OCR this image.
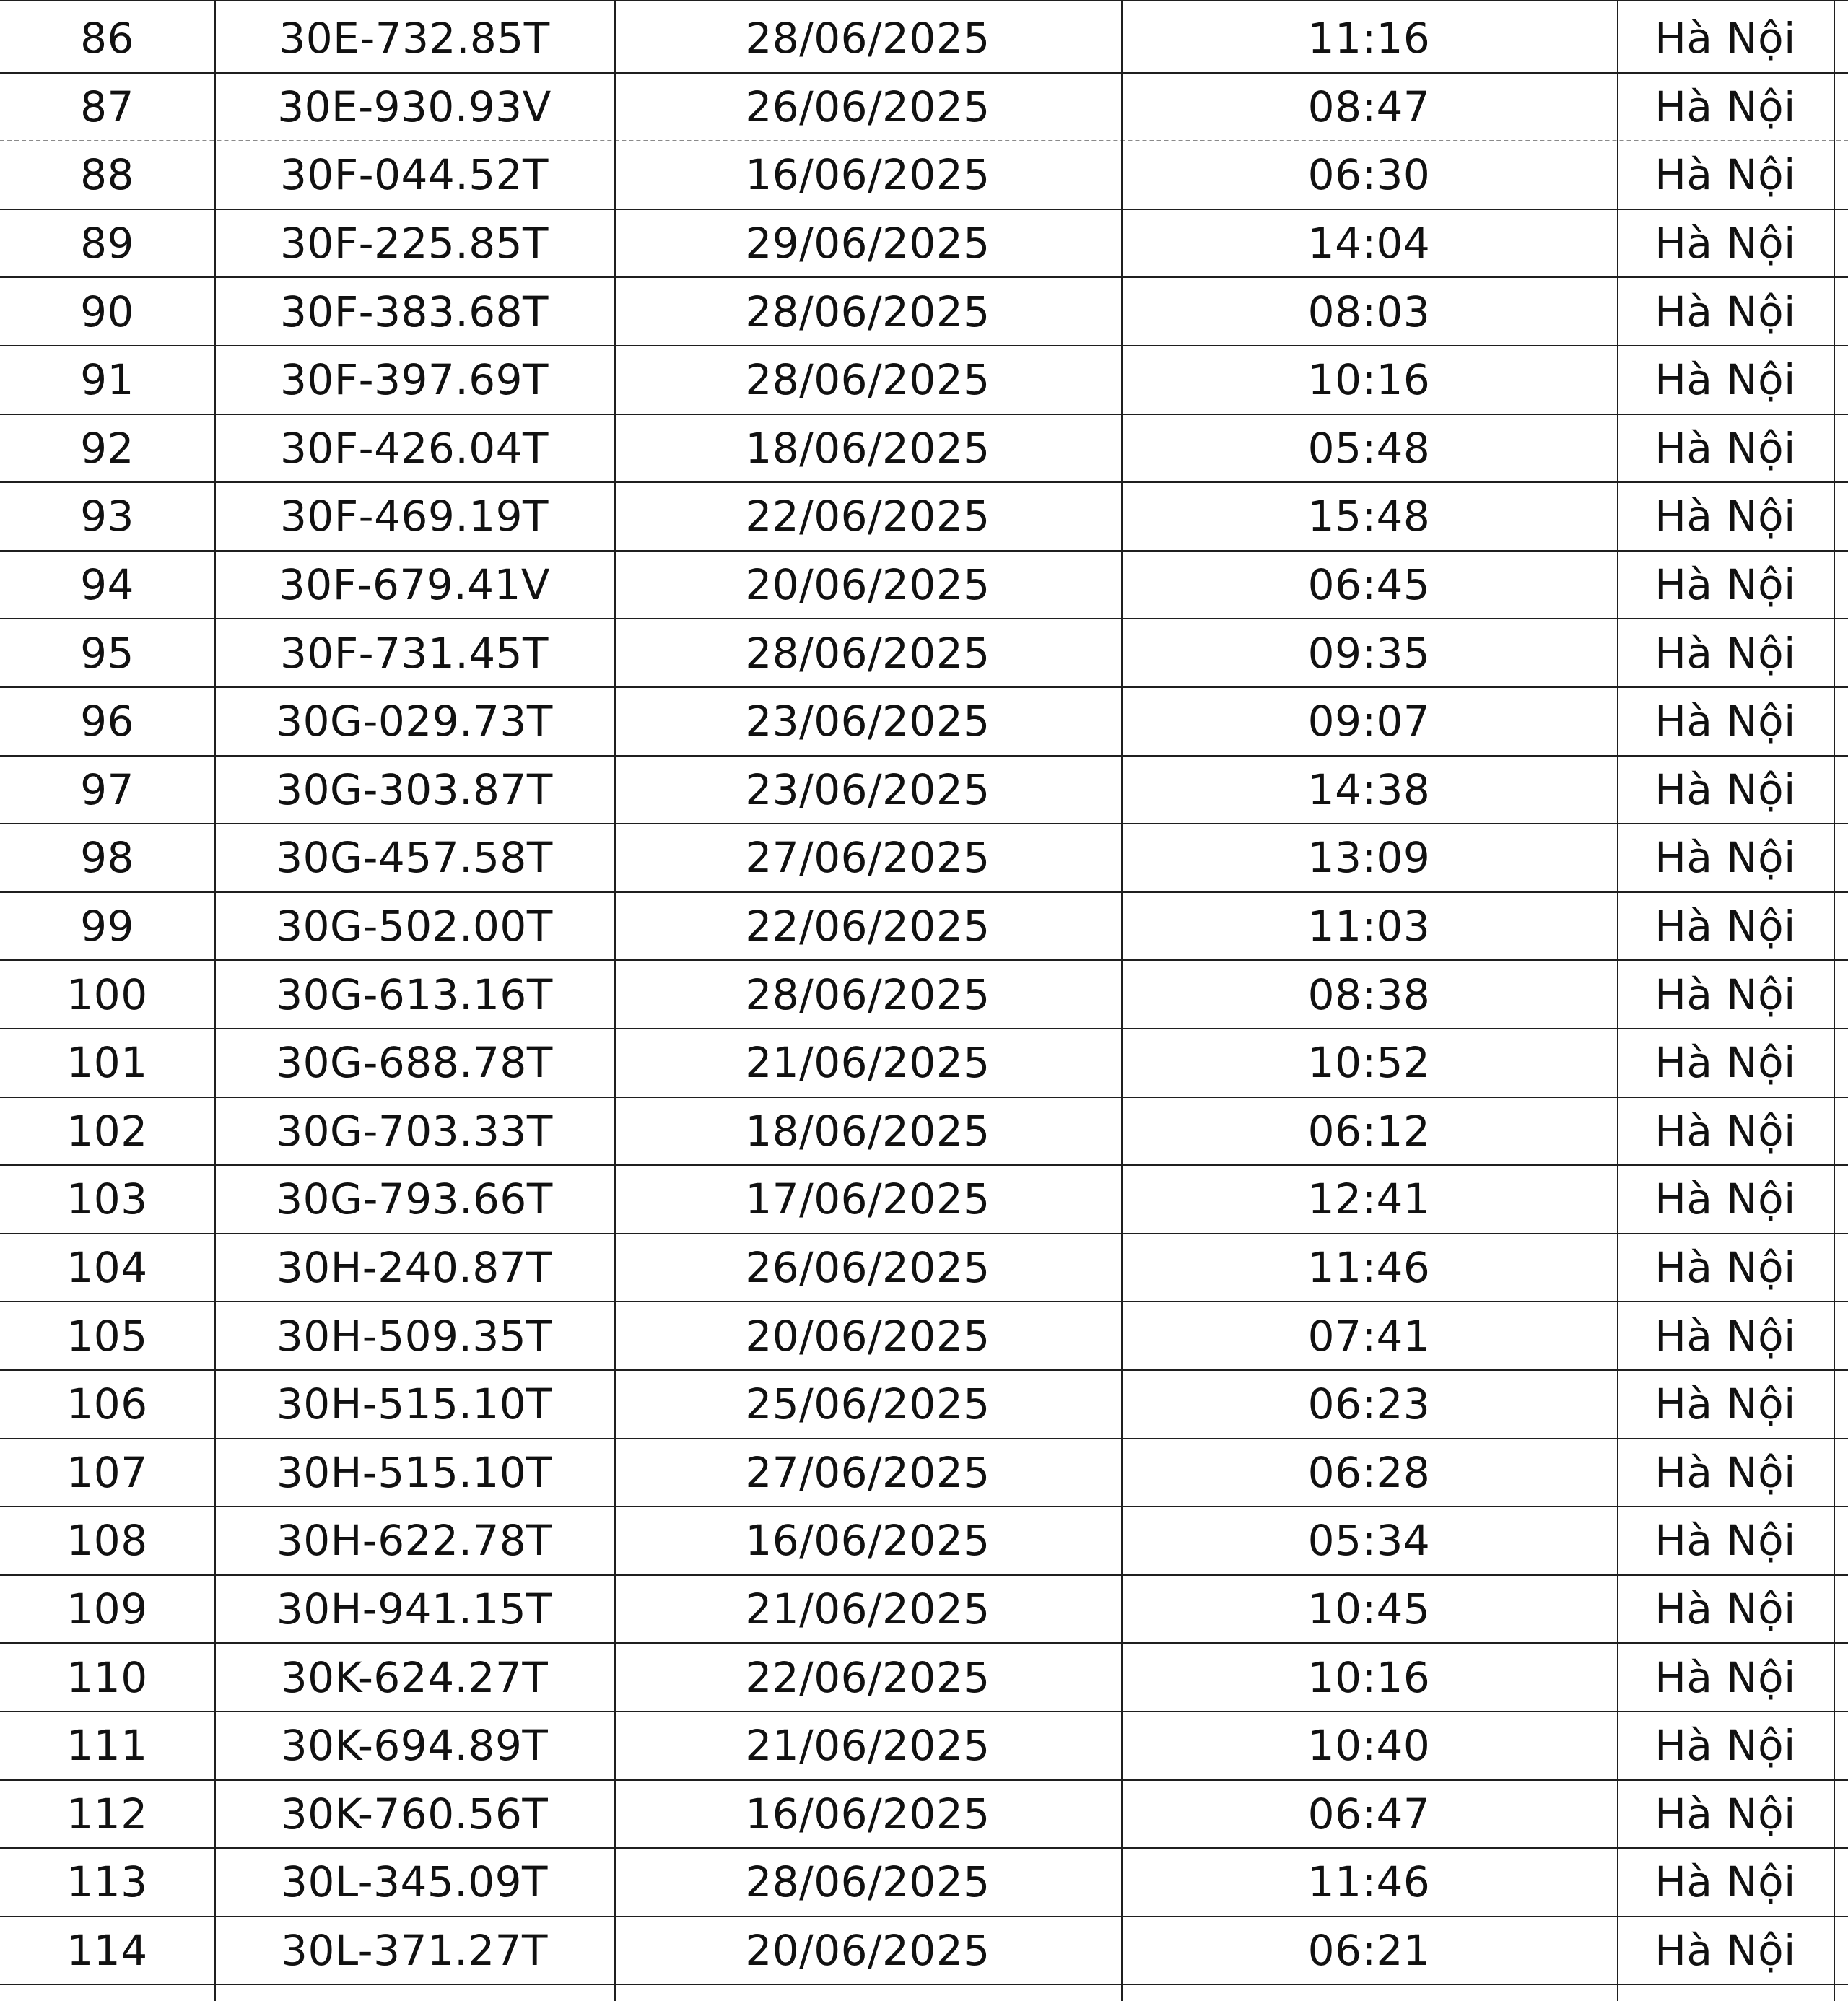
86	30E-732.85T	28/06/2025	11:16	Hà Nội
87	30E-930.93V	26/06/2025	08:47	Hà Nội
88	30F-044.52T	16/06/2025	06:30	Hà Nội
89	30F-225.85T	29/06/2025	14:04	Hà Nội
90	30F-383.68T	28/06/2025	08:03	Hà Nội
91	30F-397.69T	28/06/2025	10:16	Hà Nội
92	30F-426.04T	18/06/2025	05:48	Hà Nội
93	30F-469.19T	22/06/2025	15:48	Hà Nội
94	30F-679.41V	20/06/2025	06:45	Hà Nội
95	30F-731.45T	28/06/2025	09:35	Hà Nội
96	30G-029.73T	23/06/2025	09:07	Hà Nội
97	30G-303.87T	23/06/2025	14:38	Hà Nội
98	30G-457.58T	27/06/2025	13:09	Hà Nội
99	30G-502.00T	22/06/2025	11:03	Hà Nội
100	30G-613.16T	28/06/2025	08:38	Hà Nội
101	30G-688.78T	21/06/2025	10:52	Hà Nội
102	30G-703.33T	18/06/2025	06:12	Hà Nội
103	30G-793.66T	17/06/2025	12:41	Hà Nội
104	30H-240.87T	26/06/2025	11:46	Hà Nội
105	30H-509.35T	20/06/2025	07:41	Hà Nội
106	30H-515.10T	25/06/2025	06:23	Hà Nội
107	30H-515.10T	27/06/2025	06:28	Hà Nội
108	30H-622.78T	16/06/2025	05:34	Hà Nội
109	30H-941.15T	21/06/2025	10:45	Hà Nội
110	30K-624.27T	22/06/2025	10:16	Hà Nội
111	30K-694.89T	21/06/2025	10:40	Hà Nội
112	30K-760.56T	16/06/2025	06:47	Hà Nội
113	30L-345.09T	28/06/2025	11:46	Hà Nội
114	30L-371.27T	20/06/2025	06:21	Hà Nội
